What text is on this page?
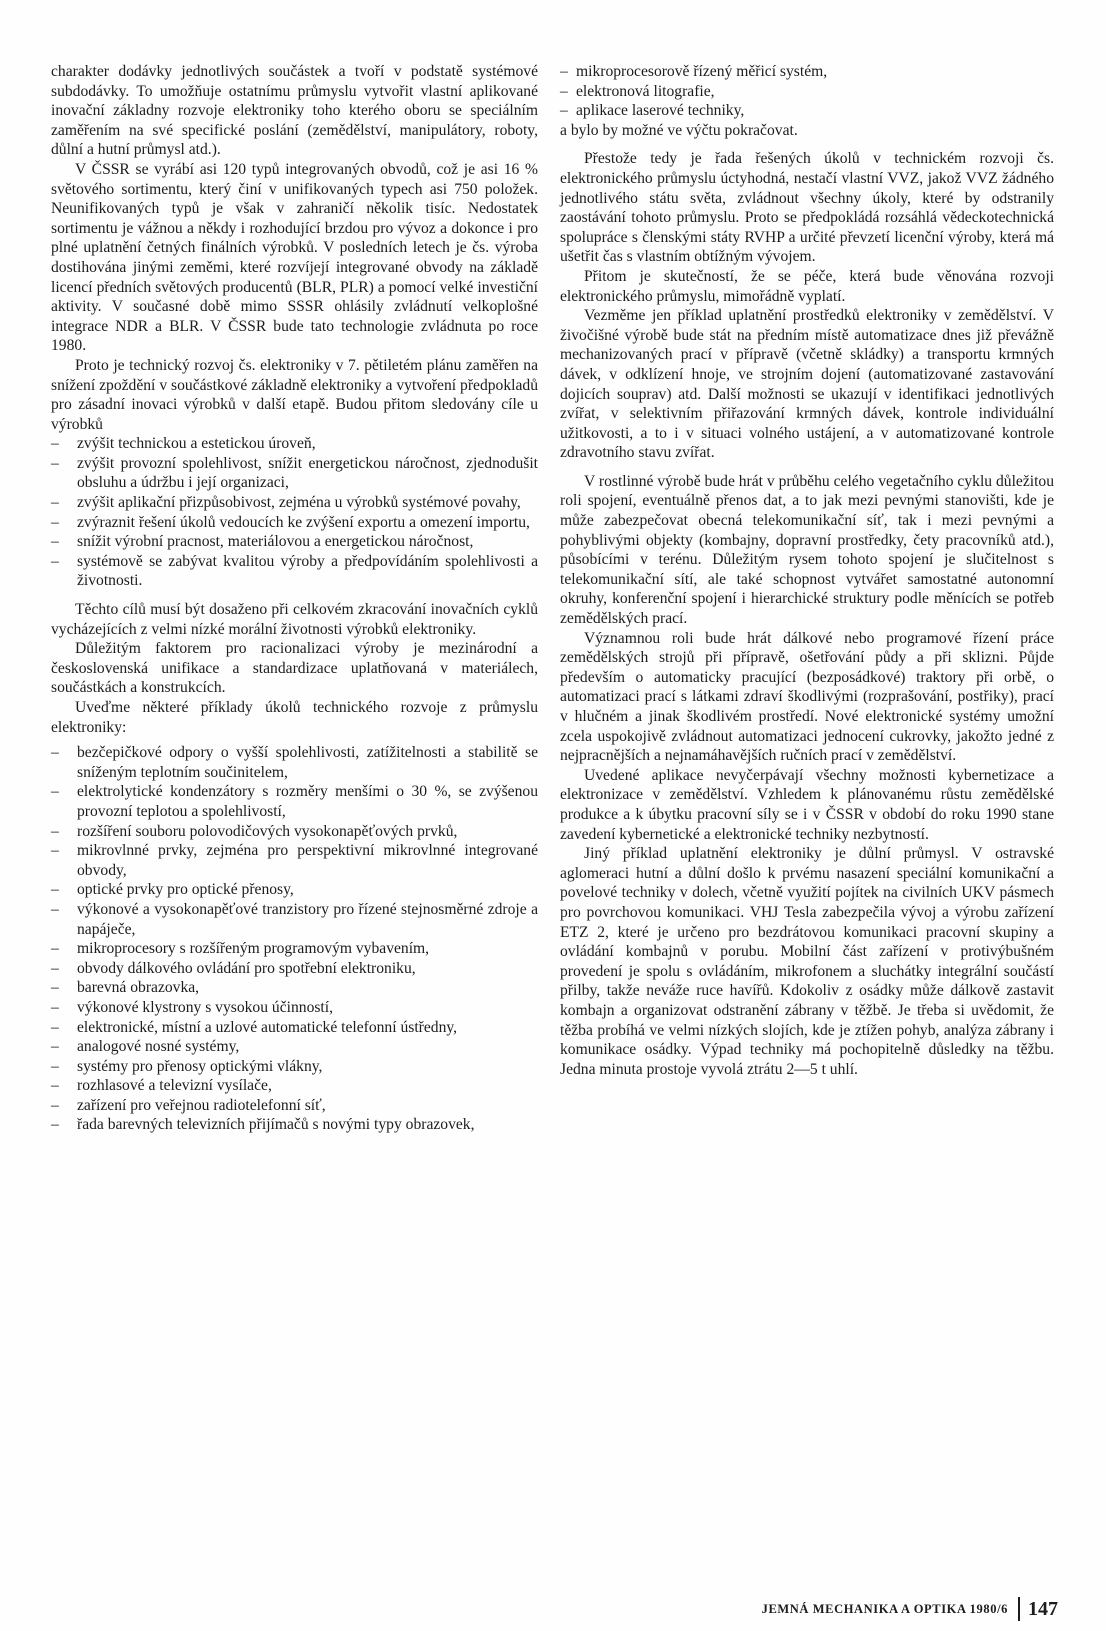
charakter dodávky jednotlivých součástek a tvoří v podstatě systémové subdodávky. To umožňuje ostatnímu průmyslu vytvořit vlastní aplikované inovační základny rozvoje elektroniky toho kterého oboru se speciálním zaměřením na své specifické poslání (zemědělství, manipulátory, roboty, důlní a hutní průmysl atd.).

V ČSSR se vyrábí asi 120 typů integrovaných obvodů, což je asi 16 % světového sortimentu, který činí v unifikovaných typech asi 750 položek. Neunifikovaných typů je však v zahraničí několik tisíc. Nedostatek sortimentu je vážnou a někdy i rozhodující brzdou pro vývoz a dokonce i pro plné uplatnění četných finálních výrobků. V posledních letech je čs. výroba dostihována jinými zeměmi, které rozvíjejí integrované obvody na základě licencí předních světových producentů (BLR, PLR) a pomocí velké investiční aktivity. V současné době mimo SSSR ohlásily zvládnutí velkoplošné integrace NDR a BLR. V ČSSR bude tato technologie zvládnuta po roce 1980.

Proto je technický rozvoj čs. elektroniky v 7. pětiletém plánu zaměřen na snížení zpoždění v součástkové základně elektroniky a vytvoření předpokladů pro zásadní inovaci výrobků v další etapě. Budou přitom sledovány cíle u výrobků

– zvýšit technickou a estetickou úroveň,
– zvýšit provozní spolehlivost, snížit energetickou náročnost, zjednodušit obsluhu a údržbu i její organizaci,
– zvýšit aplikační přizpůsobivost, zejména u výrobků systémové povahy,
– zvýraznit řešení úkolů vedoucích ke zvýšení exportu a omezení importu,
– snížit výrobní pracnost, materiálovou a energetickou náročnost,
– systémově se zabývat kvalitou výroby a předpovídáním spolehlivosti a životnosti.

Těchto cílů musí být dosaženo při celkovém zkracování inovačních cyklů vycházejících z velmi nízké morální životnosti výrobků elektroniky.

Důležitým faktorem pro racionalizaci výroby je mezinárodní a československá unifikace a standardizace uplatňovaná v materiálech, součástkách a konstrukcích.

Uveďme některé příklady úkolů technického rozvoje z průmyslu elektroniky:

– bezčepičkové odpory o vyšší spolehlivosti, zatížitelnosti a stabilitě se sníženým teplotním součinitelem,
– elektrolytické kondenzátory s rozměry menšími o 30 %, se zvýšenou provozní teplotou a spolehlivostí,
– rozšíření souboru polovodičových vysokonapěťových prvků,
– mikrovlnné prvky, zejména pro perspektivní mikrovlnné integrované obvody,
– optické prvky pro optické přenosy,
– výkonové a vysokonapěťové tranzistory pro řízené stejnosměrné zdroje a napáječe,
– mikroprocesory s rozšířeným programovým vybavením,
– obvody dálkového ovládání pro spotřební elektroniku,
– barevná obrazovka,
– výkonové klystrony s vysokou účinností,
– elektronické, místní a uzlové automatické telefonní ústředny,
– analogové nosné systémy,
– systémy pro přenosy optickými vlákny,
– rozhlasové a televizní vysílače,
– zařízení pro veřejnou radiotelefonní síť,
– řada barevných televizních přijímačů s novými typy obrazovek,
– mikroprocesorově řízený měřicí systém,
– elektronová litografie,
– aplikace laserové techniky,

a bylo by možné ve výčtu pokračovat.

Přestože tedy je řada řešených úkolů v technickém rozvoji čs. elektronického průmyslu úctyhodná, nestačí vlastní VVZ, jakož VVZ žádného jednotlivého státu světa, zvládnout všechny úkoly, které by odstranily zaostávání tohoto průmyslu. Proto se předpokládá rozsáhlá vědeckotechnická spolupráce s členskými státy RVHP a určité převzetí licenční výroby, která má ušetřit čas s vlastním obtížným vývojem.

Přitom je skutečností, že se péče, která bude věnována rozvoji elektronického průmyslu, mimořádně vyplatí.

Vezměme jen příklad uplatnění prostředků elektroniky v zemědělství. V živočišné výrobě bude stát na předním místě automatizace dnes již převážně mechanizovaných prací v přípravě (včetně skládky) a transportu krmných dávek, v odklízení hnoje, ve strojním dojení (automatizované zastavování dojicích souprav) atd. Další možnosti se ukazují v identifikaci jednotlivých zvířat, v selektivním přiřazování krmných dávek, kontrole individuální užitkovosti, a to i v situaci volného ustájení, a v automatizované kontrole zdravotního stavu zvířat.

V rostlinné výrobě bude hrát v průběhu celého vegetačního cyklu důležitou roli spojení, eventuálně přenos dat, a to jak mezi pevnými stanovišti, kde je může zabezpečovat obecná telekomunikační síť, tak i mezi pevnými a pohyblivými objekty (kombajny, dopravní prostředky, čety pracovníků atd.), působícími v terénu. Důležitým rysem tohoto spojení je slučitelnost s telekomunikační sítí, ale také schopnost vytvářet samostatné autonomní okruhy, konferenční spojení i hierarchické struktury podle měnících se potřeb zemědělských prací.

Významnou roli bude hrát dálkové nebo programové řízení práce zemědělských strojů při přípravě, ošetřování půdy a při sklizni. Půjde především o automaticky pracující (bezposádkové) traktory při orbě, o automatizaci prací s látkami zdraví škodlivými (rozprašování, postřiky), prací v hlučném a jinak škodlivém prostředí. Nové elektronické systémy umožní zcela uspokojivě zvládnout automatizaci jednocení cukrovky, jakožto jedné z nejpracnějších a nejnamáhavějších ručních prací v zemědělství.

Uvedené aplikace nevyčerpávají všechny možnosti kybernetizace a elektronizace v zemědělství. Vzhledem k plánovanému růstu zemědělské produkce a k úbytku pracovní síly se i v ČSSR v období do roku 1990 stane zavedení kybernetické a elektronické techniky nezbytností.

Jiný příklad uplatnění elektroniky je důlní průmysl. V ostravské aglomeraci hutní a důlní došlo k prvému nasazení speciální komunikační a povelové techniky v dolech, včetně využití pojítek na civilních UKV pásmech pro povrchovou komunikaci. VHJ Tesla zabezpečila vývoj a výrobu zařízení ETZ 2, které je určeno pro bezdrátovou komunikaci pracovní skupiny a ovládání kombajnů v porubu. Mobilní část zařízení v protivýbušném provedení je spolu s ovládáním, mikrofonem a sluchátky integrální součástí přilby, takže neváže ruce havířů. Kdokoliv z osádky může dálkově zastavit kombajn a organizovat odstranění zábrany v těžbě. Je třeba si uvědomit, že těžba probíhá ve velmi nízkých slojích, kde je ztížen pohyb, analýza zábrany i komunikace osádky. Výpad techniky má pochopitelně důsledky na těžbu. Jedna minuta prostoje vyvolá ztrátu 2—5 t uhlí.

JEMNÁ MECHANIKA A OPTIKA 1980/6 147
